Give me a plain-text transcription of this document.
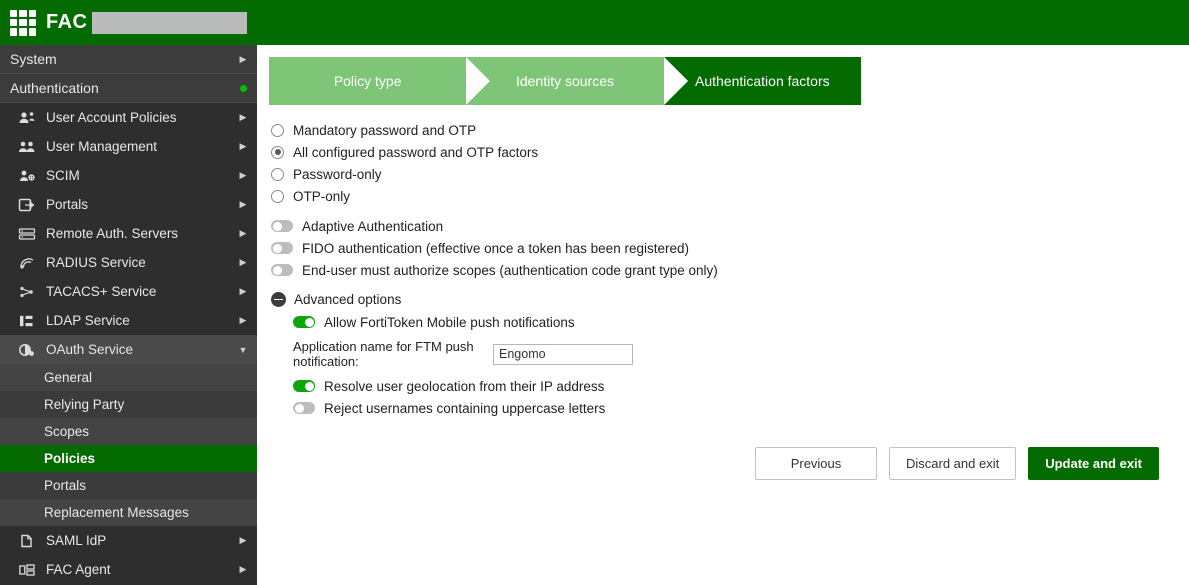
FAC
System	▶
Authentication
User Account Policies	▶
User Management	▶
SCIM	▶
Portals	▶
Remote Auth. Servers	▶
RADIUS Service	▶
TACACS+ Service	▶
LDAP Service	▶
OAuth Service	▼
General
Relying Party
Scopes
Policies
Portals
Replacement Messages
SAML IdP	▶
FAC Agent	▶
Policy type	Identity sources	Authentication factors
Mandatory password and OTP
All configured password and OTP factors
Password-only
OTP-only
Adaptive Authentication
FIDO authentication (effective once a token has been registered)
End-user must authorize scopes (authentication code grant type only)
Advanced options
Allow FortiToken Mobile push notifications
Application name for FTM push notification:
Engomo
Resolve user geolocation from their IP address
Reject usernames containing uppercase letters
Previous	Discard and exit	Update and exit
